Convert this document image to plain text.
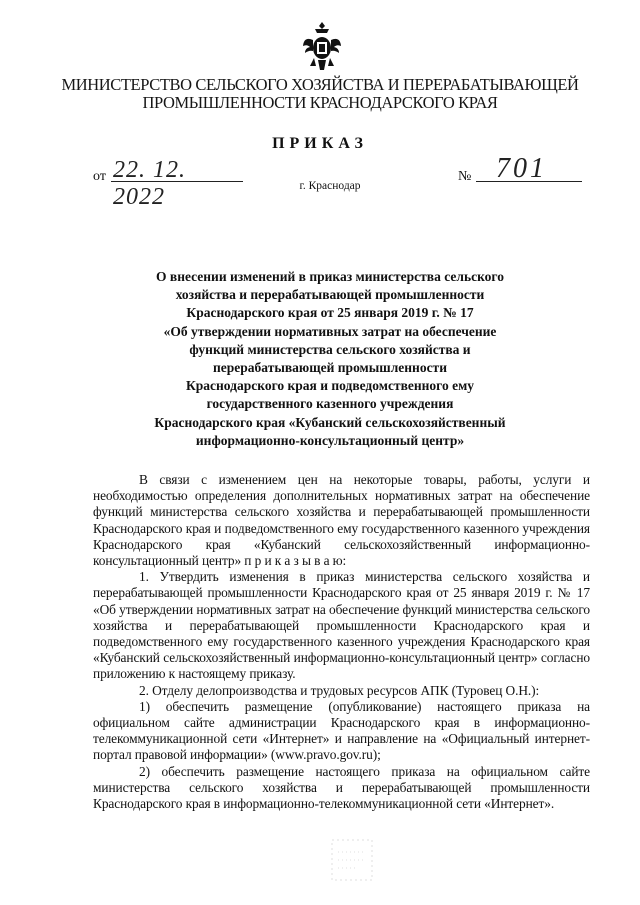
МИНИСТЕРСТВО СЕЛЬСКОГО ХОЗЯЙСТВА И ПЕРЕРАБАТЫВАЮЩЕЙ
ПРОМЫШЛЕННОСТИ КРАСНОДАРСКОГО КРАЯ
ПРИКАЗ
от 22. 12. 2022
№ 701
г. Краснодар
О внесении изменений в приказ министерства сельского
хозяйства и перерабатывающей промышленности
Краснодарского края от 25 января 2019 г. № 17
«Об утверждении нормативных затрат на обеспечение
функций министерства сельского хозяйства и
перерабатывающей промышленности
Краснодарского края и подведомственного ему
государственного казенного учреждения
Краснодарского края «Кубанский сельскохозяйственный
информационно-консультационный центр»

В связи с изменением цен на некоторые товары, работы, услуги и необходимостью определения дополнительных нормативных затрат на обеспечение функций министерства сельского хозяйства и перерабатывающей промышленности Краснодарского края и подведомственного ему государственного казенного учреждения Краснодарского края «Кубанский сельскохозяйственный информационно-консультационный центр» п р и к а з ы в а ю:

1. Утвердить изменения в приказ министерства сельского хозяйства и перерабатывающей промышленности Краснодарского края от 25 января 2019 г. № 17 «Об утверждении нормативных затрат на обеспечение функций министерства сельского хозяйства и перерабатывающей промышленности Краснодарского края и подведомственного ему государственного казенного учреждения Краснодарского края «Кубанский сельскохозяйственный информационно-консультационный центр» согласно приложению к настоящему приказу.

2. Отделу делопроизводства и трудовых ресурсов АПК (Туровец О.Н.):

1) обеспечить размещение (опубликование) настоящего приказа на официальном сайте администрации Краснодарского края в информационно-телекоммуникационной сети «Интернет» и направление на «Официальный интернет-портал правовой информации» (www.pravo.gov.ru);

2) обеспечить размещение настоящего приказа на официальном сайте министерства сельского хозяйства и перерабатывающей промышленности Краснодарского края в информационно-телекоммуникационной сети «Интернет».
